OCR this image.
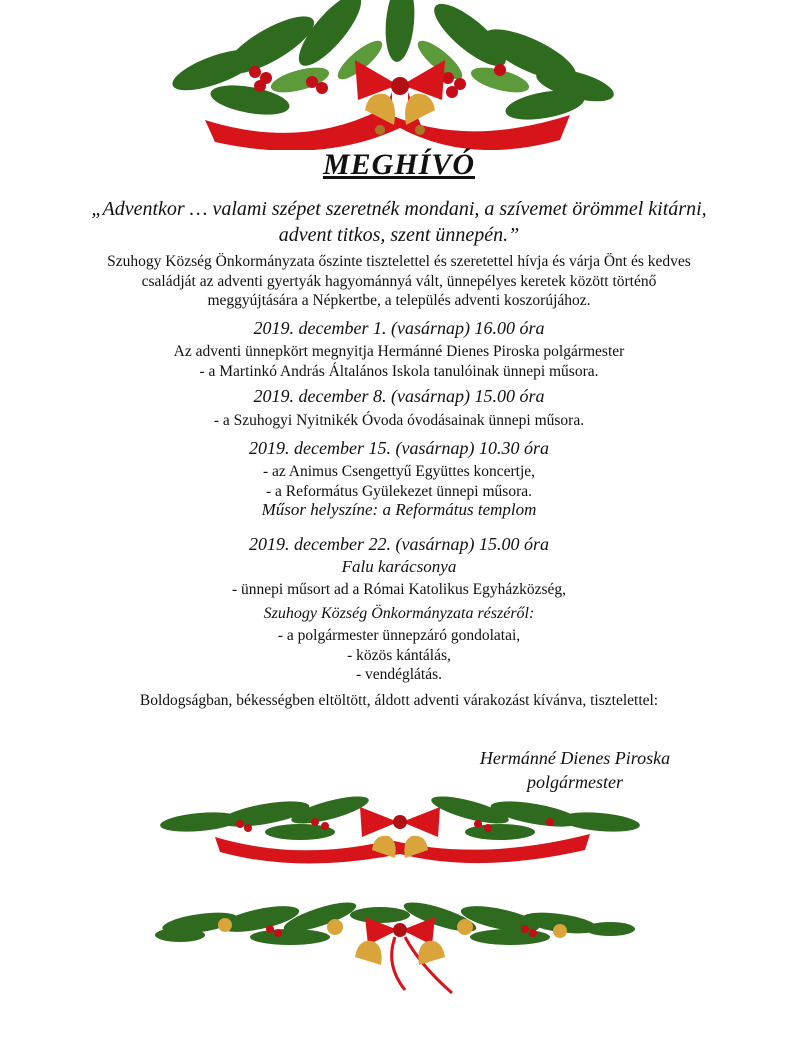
MEGHÍVÓ
„Adventkor … valami szépet szeretnék mondani, a szívemet örömmel kitárni,
advent titkos, szent ünnepén.”
Szuhogy Község Önkormányzata őszinte tisztelettel és szeretettel hívja és várja Önt és kedves
családját az adventi gyertyák hagyománnyá vált, ünnepélyes keretek között történő
meggyújtására a Népkertbe, a település adventi koszorújához.
2019. december 1. (vasárnap) 16.00 óra
Az adventi ünnepkört megnyitja Hermánné Dienes Piroska polgármester
- a Martinkó András Általános Iskola tanulóinak ünnepi műsora.
2019. december 8. (vasárnap) 15.00 óra
- a Szuhogyi Nyitnikék Óvoda óvodásainak ünnepi műsora.
2019. december 15. (vasárnap) 10.30 óra
- az Animus Csengettyű Együttes koncertje,
- a Református Gyülekezet ünnepi műsora.
Műsor helyszíne: a Református templom
2019. december 22. (vasárnap) 15.00 óra
Falu karácsonya
- ünnepi műsort ad a Római Katolikus Egyházközség,
Szuhogy Község Önkormányzata részéről:
- a polgármester ünnepzáró gondolatai,
- közös kántálás,
- vendéglátás.
Boldogságban, békességben eltöltött, áldott adventi várakozást kívánva, tisztelettel:
Hermánné Dienes Piroska
polgármester
